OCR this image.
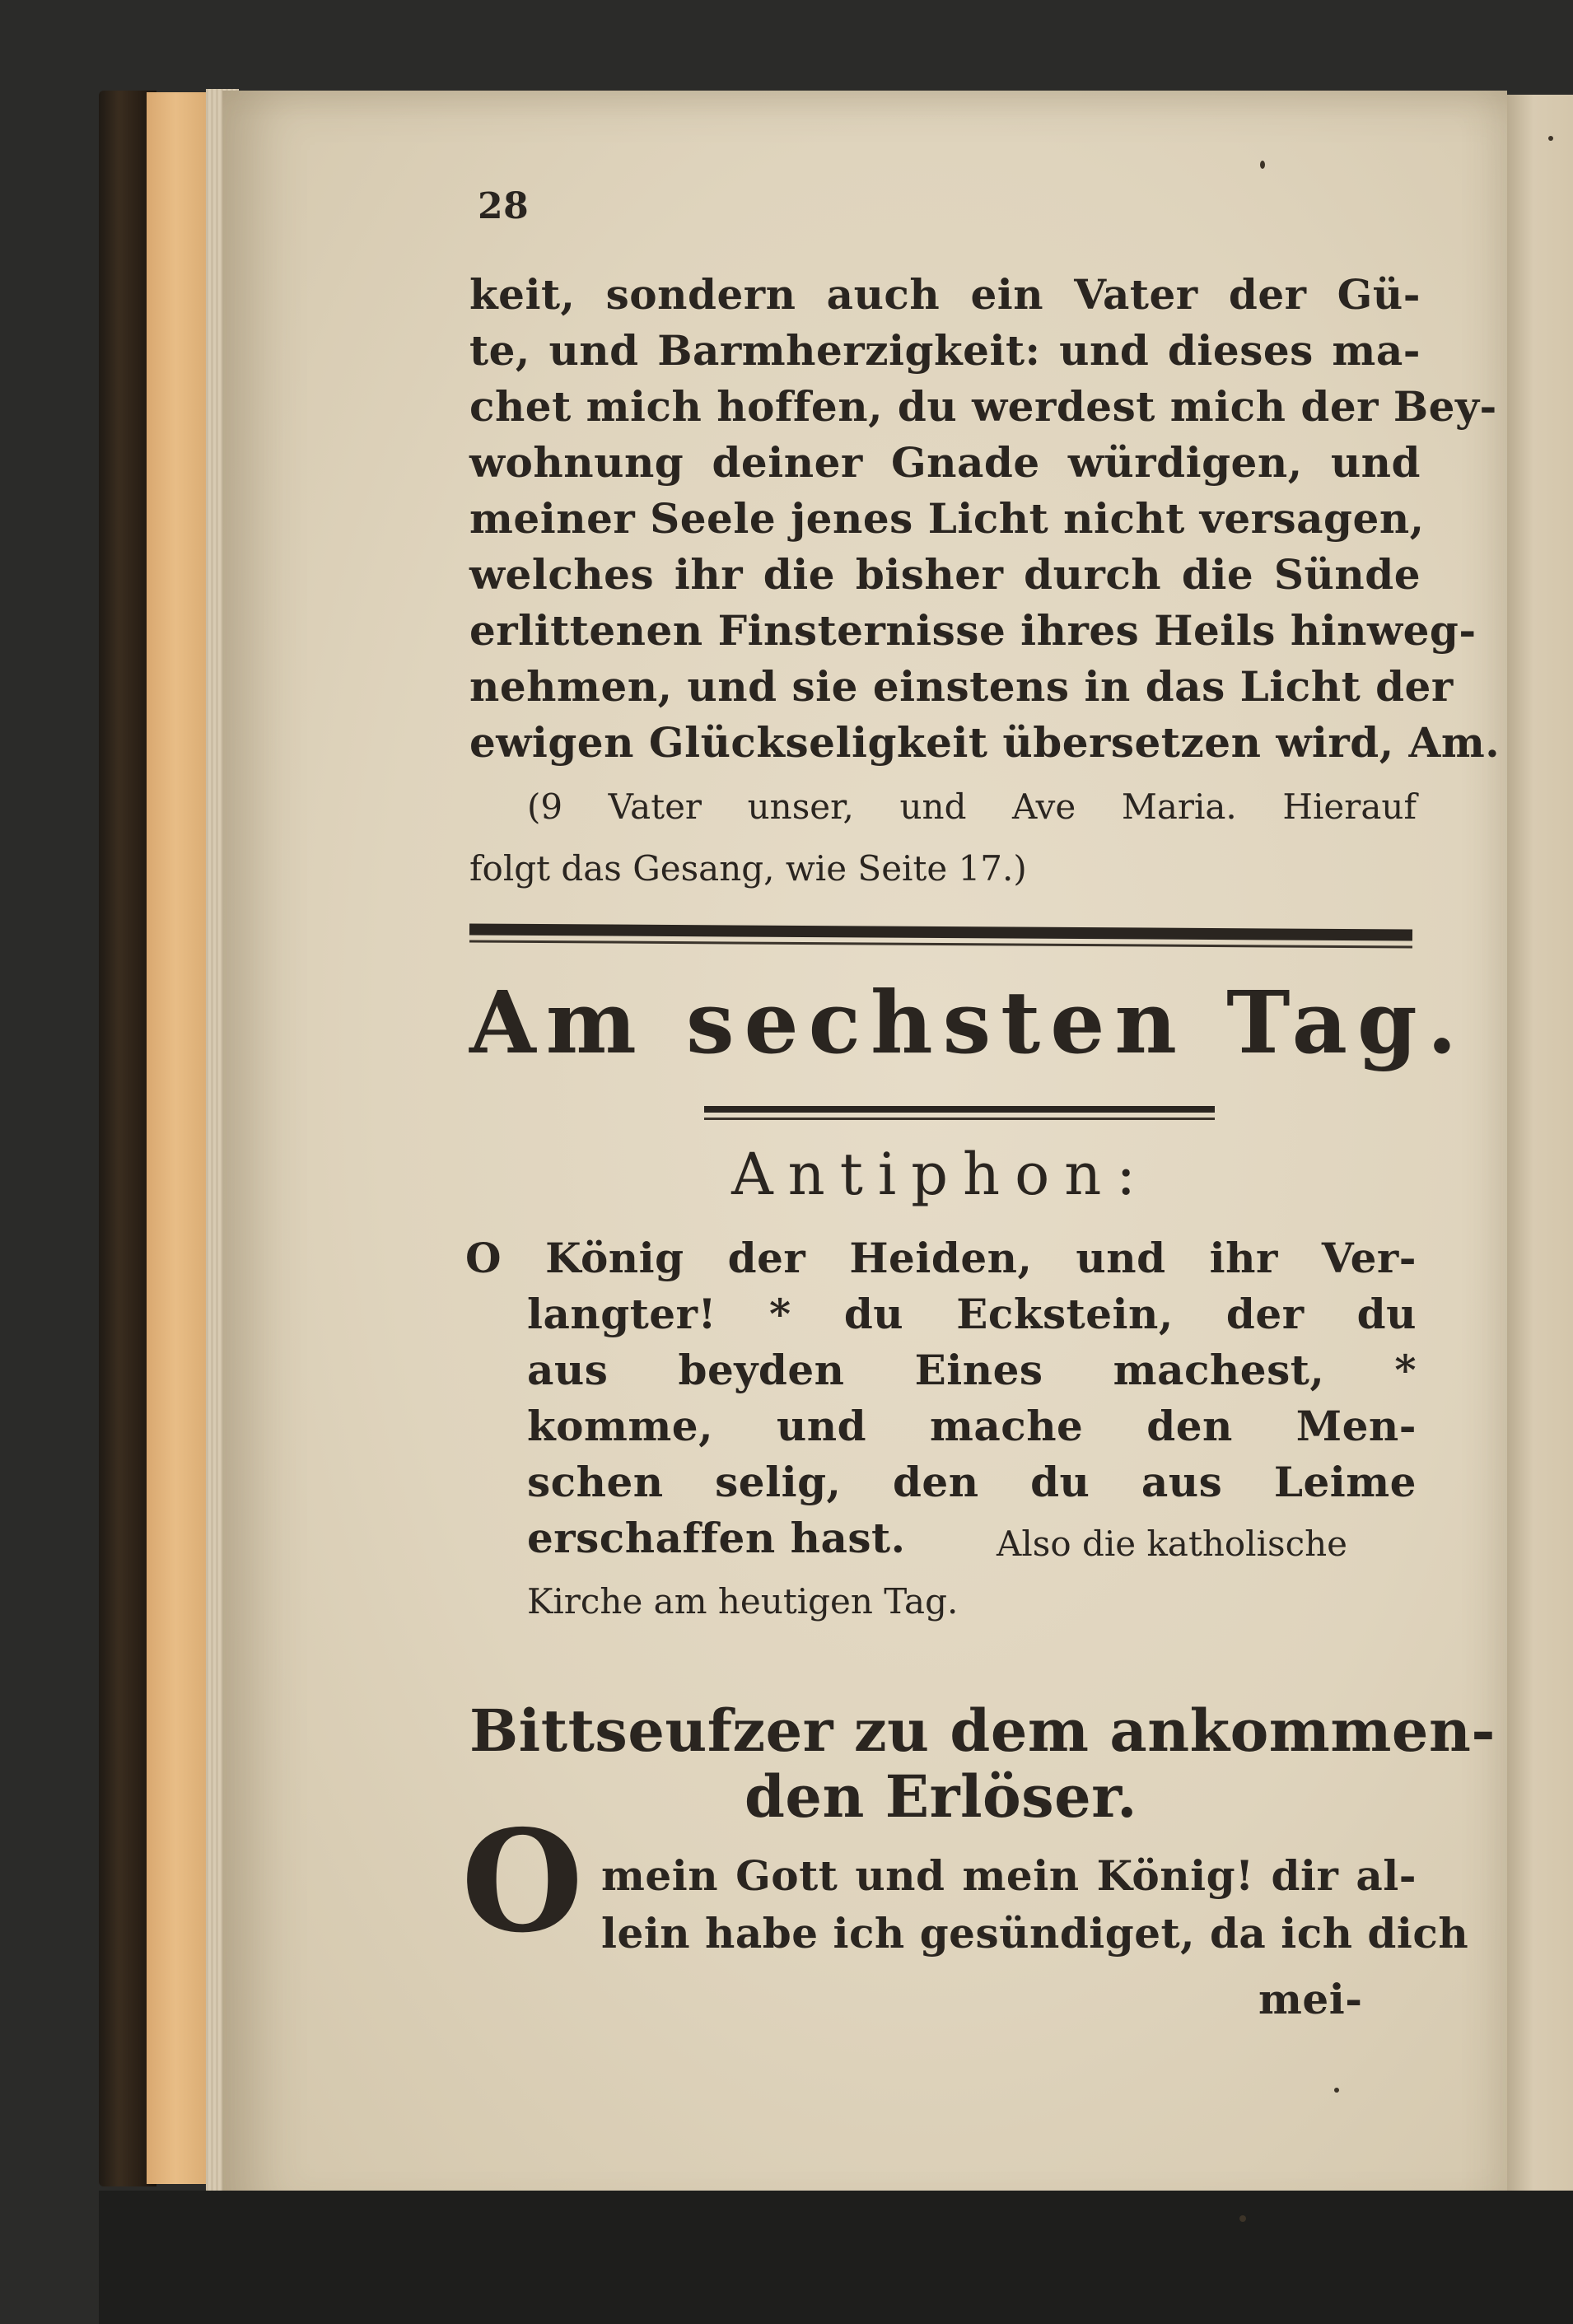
28
keit, sondern auch ein Vater der Gü-
te, und Barmherzigkeit: und dieses ma-
chet mich hoffen, du werdest mich der Bey-
wohnung deiner Gnade würdigen, und
meiner Seele jenes Licht nicht versagen,
welches ihr die bisher durch die Sünde
erlittenen Finsternisse ihres Heils hinweg-
nehmen, und sie einstens in das Licht der
ewigen Glückseligkeit übersetzen wird, Am.
(9 Vater unser, und Ave Maria. Hierauf
folgt das Gesang, wie Seite 17.)
Am sechsten Tag.
Antiphon:
O König der Heiden, und ihr Ver-
langter! * du Eckstein, der du
aus beyden Eines machest, *
komme, und mache den Men-
schen selig, den du aus Leime
erschaffen hast.	Also die katholische
Kirche am heutigen Tag.
Bittseufzer zu dem ankommen-
den Erlöser.
O mein Gott und mein König! dir al-
lein habe ich gesündiget, da ich dich
mei-
